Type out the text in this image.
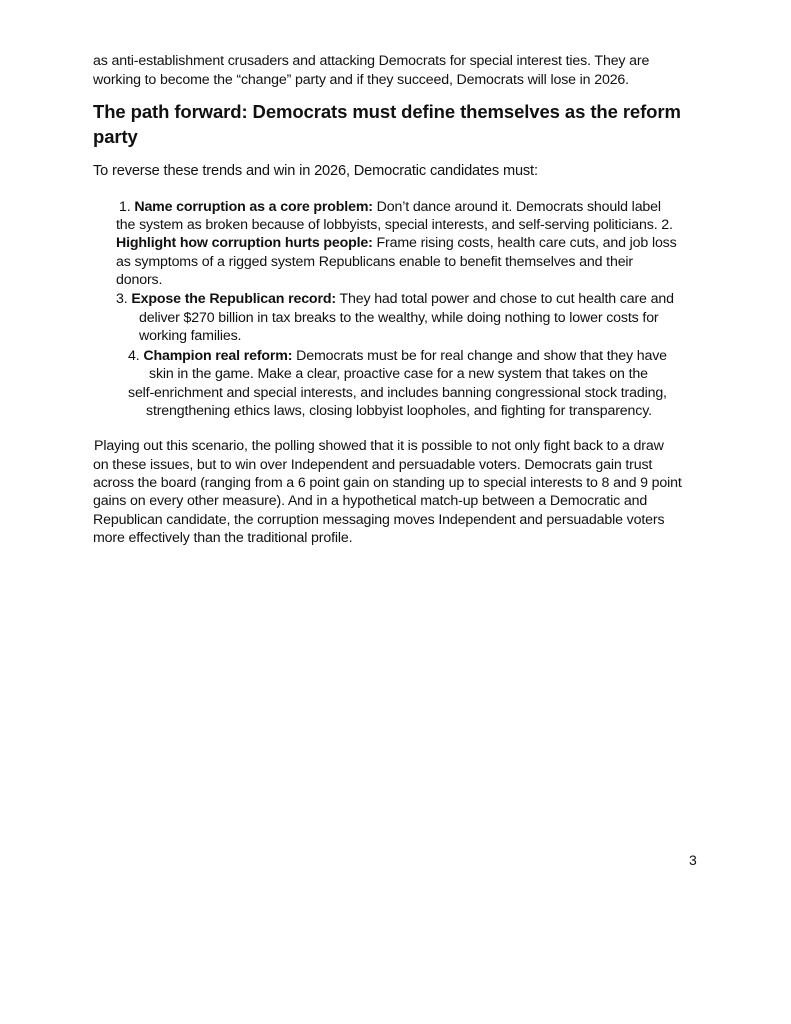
as anti-establishment crusaders and attacking Democrats for special interest ties. They are
working to become the “change” party and if they succeed, Democrats will lose in 2026.
The path forward: Democrats must define themselves as the reform
party
To reverse these trends and win in 2026, Democratic candidates must:
1. Name corruption as a core problem: Don’t dance around it. Democrats should label
the system as broken because of lobbyists, special interests, and self-serving politicians. 2.
Highlight how corruption hurts people: Frame rising costs, health care cuts, and job loss
as symptoms of a rigged system Republicans enable to benefit themselves and their
donors.
3. Expose the Republican record: They had total power and chose to cut health care and
deliver $270 billion in tax breaks to the wealthy, while doing nothing to lower costs for
working families.
4. Champion real reform: Democrats must be for real change and show that they have
skin in the game. Make a clear, proactive case for a new system that takes on the
self-enrichment and special interests, and includes banning congressional stock trading,
strengthening ethics laws, closing lobbyist loopholes, and fighting for transparency.
Playing out this scenario, the polling showed that it is possible to not only fight back to a draw
on these issues, but to win over Independent and persuadable voters. Democrats gain trust
across the board (ranging from a 6 point gain on standing up to special interests to 8 and 9 point
gains on every other measure). And in a hypothetical match-up between a Democratic and
Republican candidate, the corruption messaging moves Independent and persuadable voters
more effectively than the traditional profile.
3
